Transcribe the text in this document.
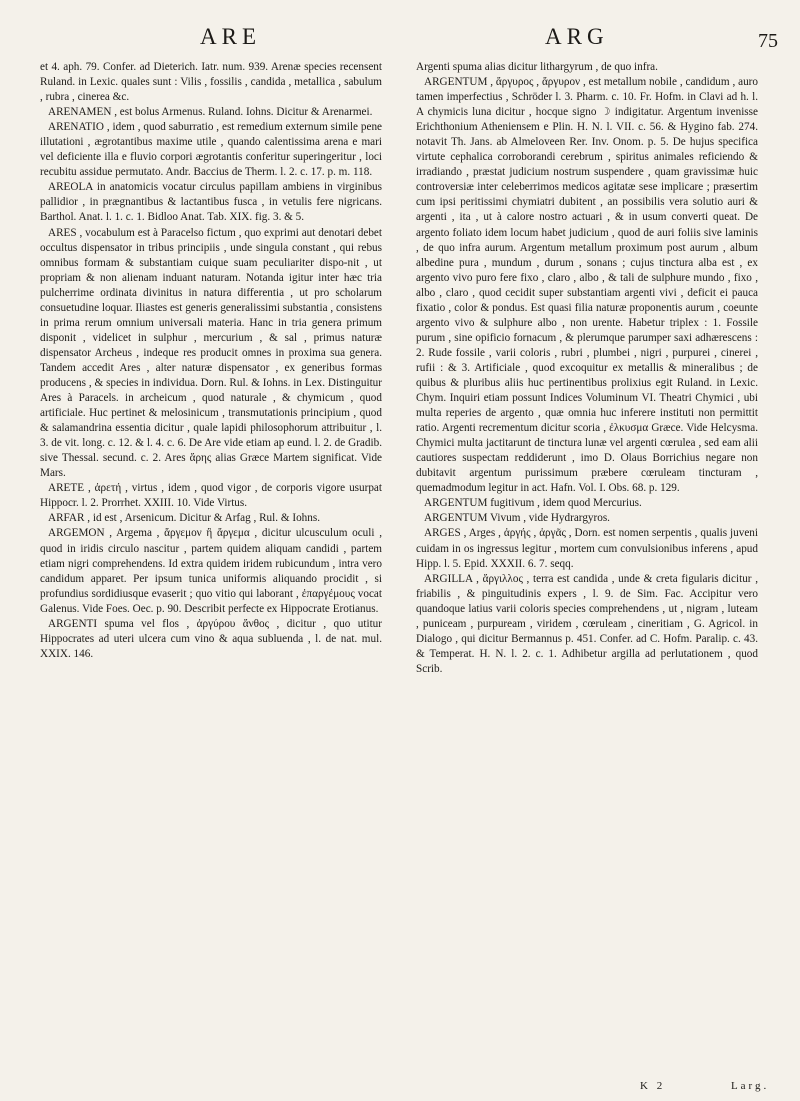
ARE	ARG	75

et 4. aph. 79. Confer. ad Dieterich. Iatr. num. 939. Arenæ species recensent Ruland. in Lexic. quales sunt : Vilis , fossilis , candida , metallica , sabulum , rubra , cinerea &c.

ARENAMEN , est bolus Armenus. Ruland. Iohns. Dicitur & Arenarmei.

ARENATIO , idem , quod saburratio , est remedium externum simile pene illutationi , ægrotantibus maxime utile , quando calentissima arena e mari vel deficiente illa e fluvio corpori ægrotantis conferitur superingeritur , loci recubitu assidue permutato. Andr. Baccius de Therm. l. 2. c. 17. p. m. 118.

AREOLA in anatomicis vocatur circulus papillam ambiens in virginibus pallidior , in prægnantibus & lactantibus fusca , in vetulis fere nigricans. Barthol. Anat. l. 1. c. 1. Bidloo Anat. Tab. XIX. fig. 3. & 5.

ARES , vocabulum est à Paracelso fictum , quo exprimi aut denotari debet occultus dispensator in tribus principiis , unde singula constant , qui rebus omnibus formam & substantiam cuique suam peculiariter dispo-nit , ut propriam & non alienam induant naturam. Notanda igitur inter hæc tria pulcherrime ordinata divinitus in natura differentia , ut pro scholarum consuetudine loquar. Iliastes est generis generalissimi substantia , consistens in prima rerum omnium universali materia. Hanc in tria genera primum disponit , videlicet in sulphur , mercurium , & sal , primus naturæ dispensator Archeus , indeque res producit omnes in proxima sua genera. Tandem accedit Ares , alter naturæ dispensator , ex generibus formas producens , & species in individua. Dorn. Rul. & Iohns. in Lex. Distinguitur Ares à Paracels. in archeicum , quod naturale , & chymicum , quod artificiale. Huc pertinet & melosinicum , transmutationis principium , quod & salamandrina essentia dicitur , quale lapidi philosophorum attribuitur , l. 3. de vit. long. c. 12. & l. 4. c. 6. De Are vide etiam ap eund. l. 2. de Gradib. sive Thessal. secund. c. 2. Ares ἄρης alias Græce Martem significat. Vide Mars.

ARETE , ἀρετή , virtus , idem , quod vigor , de corporis vigore usurpat Hippocr. l. 2. Prorrhet. XXIII. 10. Vide Virtus.

ARFAR , id est , Arsenicum. Dicitur & Arfag , Rul. & Iohns.

ARGEMON , Argema , ἄργεμον ἢ ἄργεμα , dicitur ulcusculum oculi , quod in iridis circulo nascitur , partem quidem aliquam candidi , partem etiam nigri comprehendens. Id extra quidem iridem rubicundum , intra vero candidum apparet. Per ipsum tunica uniformis aliquando procidit , si profundius sordidiusque evaserit ; quo vitio qui laborant , ἐπαργέμους vocat Galenus. Vide Foes. Oec. p. 90. Describit perfecte ex Hippocrate Erotianus.

ARGENTI spuma vel flos , ἀργύρου ἄνθος , dicitur , quo utitur Hippocrates ad uteri ulcera cum vino & aqua subluenda , l. de nat. mul. XXIX. 146.

Argenti spuma alias dicitur lithargyrum , de quo infra.

ARGENTUM , ἄργυρος , ἄργυρον , est metallum nobile , candidum , auro tamen imperfectius , Schröder l. 3. Pharm. c. 10. Fr. Hofm. in Clavi ad h. l. A chymicis luna dicitur , hocque signo ☽ indigitatur. Argentum invenisse Erichthonium Atheniensem e Plin. H. N. l. VII. c. 56. & Hygino fab. 274. notavit Th. Jans. ab Almeloveen Rer. Inv. Onom. p. 5. De hujus specifica virtute cephalica corroborandi cerebrum , spiritus animales reficiendo & irradiando , præstat judicium nostrum suspendere , quam gravissimæ huic controversiæ inter celeberrimos medicos agitatæ sese implicare ; præsertim cum ipsi peritissimi chymiatri dubitent , an possibilis vera solutio auri & argenti , ita , ut à calore nostro actuari , & in usum converti queat. De argento foliato idem locum habet judicium , quod de auri foliis sive laminis , de quo infra aurum. Argentum metallum proximum post aurum , album albedine pura , mundum , durum , sonans ; cujus tinctura alba est , ex argento vivo puro fere fixo , claro , albo , & tali de sulphure mundo , fixo , albo , claro , quod cecidit super substantiam argenti vivi , deficit ei pauca fixatio , color & pondus. Est quasi filia naturæ proponentis aurum , coeunte argento vivo & sulphure albo , non urente. Habetur triplex : 1. Fossile purum , sine opificio fornacum , & plerumque parumper saxi adhærescens : 2. Rude fossile , varii coloris , rubri , plumbei , nigri , purpurei , cinerei , rufii : & 3. Artificiale , quod excoquitur ex metallis & mineralibus ; de quibus & pluribus aliis huc pertinentibus prolixius egit Ruland. in Lexic. Chym. Inquiri etiam possunt Indices Voluminum VI. Theatri Chymici , ubi multa reperies de argento , quæ omnia huc inferere instituti non permittit ratio. Argenti recrementum dicitur scoria , ἐλκυσμα Græce. Vide Helcysma. Chymici multa jactitarunt de tinctura lunæ vel argenti cœrulea , sed eam alii cautiores suspectam reddiderunt , imo D. Olaus Borrichius negare non dubitavit argentum purissimum præbere cœruleam tincturam , quemadmodum legitur in act. Hafn. Vol. I. Obs. 68. p. 129.

ARGENTUM fugitivum , idem quod Mercurius.

ARGENTUM Vivum , vide Hydrargyros.

ARGES , Arges , ἀργής , ἀργᾶς , Dorn. est nomen serpentis , qualis juveni cuidam in os ingressus legitur , mortem cum convulsionibus inferens , apud Hipp. l. 5. Epid. XXXII. 6. 7. seqq.

ARGILLA , ἄργιλλος , terra est candida , unde & creta figularis dicitur , friabilis , & pinguitudinis expers , l. 9. de Sim. Fac. Accipitur vero quandoque latius varii coloris species comprehendens , ut , nigram , luteam , puniceam , purpuream , viridem , cœruleam , cineritiam , G. Agricol. in Dialogo , qui dicitur Bermannus p. 451. Confer. ad C. Hofm. Paralip. c. 43. & Temperat. H. N. l. 2. c. 1. Adhibetur argilla ad perlutationem , quod Scrib.

K 2	Larg.
